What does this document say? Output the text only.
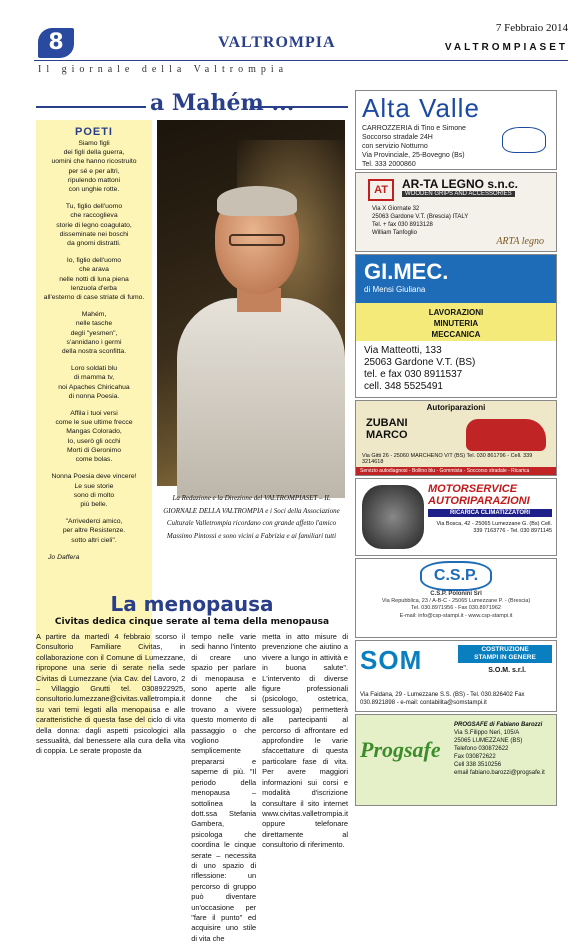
8	VALTROMPIA
7 Febbraio 2014
VALTROMPIASET
Il giornale della Valtrompia
a Mahém ...
POETI
Siamo figli
dei figli della guerra,
uomini che hanno ricostruito
per sé e per altri,
ripulendo mattoni
con unghie rotte.
Tu, figlio dell'uomo
che raccoglieva
storie di legno coagulato,
disseminate nei boschi
da gnomi distratti.
Io, figlio dell'uomo
che arava
nelle notti di luna piena
lenzuola d'erba
all'esterno di case striate di fumo.
Mahém,
nelle tasche
degli "yesmen",
s'annidano i germi
della nostra sconfitta.
Loro soldati blu
di mamma tv,
noi Apaches Chiricahua
di nonna Poesia.
Affila i tuoi versi
come le sue ultime frecce
Mangas Colorado,
Io, userò gli occhi
Morti di Geronimo
come bolas.
Nonna Poesia deve vincere!
Le sue storie
sono di molto
più belle.
"Arrivederci amico,
per altre Resistenze.
sotto altri cieli".
Jo Daffera
La Redazione e la Direzione del VALTROMPIASET – IL GIORNALE DELLA VALTROMPIA e i Soci della Associazione Culturale Valletrompia ricordano con grande affetto l'amico Massimo Pintossi e sono vicini a Fabrizia e ai familiari tutti
La menopausa
Civitas dedica cinque serate al tema della menopausa
A partire da martedì 4 febbraio scorso il Consultorio Familiare Civitas, in collaborazione con il Comune di Lumezzane, ripropone una serie di serate nella sede Civitas di Lumezzane (via Cav. del Lavoro, 2 – Villaggio Gnutti tel. 0308922925, consultorio.lumezzane@civitas.valletrompia.it su vari temi legati alla menopausa e alle caratteristiche di questa fase del ciclo di vita della donna: dagli aspetti psicologici alla sessualità, dal benessere alla cura della vita di coppia. Le serate proposte da
tempo nelle varie sedi hanno l'intento di creare uno spazio per parlare di menopausa e sono aperte alle donne che si trovano a vivere questo momento di passaggio o che vogliono semplicemente prepararsi e saperne di più. "Il periodo della menopausa – sottolinea la dott.ssa Stefania Gambera, psicologa che coordina le cinque serate – necessita di uno spazio di riflessione: un percorso di gruppo può diventare un'occasione per "fare il punto" ed acquisire uno stile di vita che
metta in atto misure di prevenzione che aiutino a vivere a lungo in attività e in buona salute". L'intervento di diverse figure professionali (psicologo, ostetrica, sessuologa) permetterà alle partecipanti al percorso di affrontare ed approfondire le varie sfaccettature di questa particolare fase di vita. Per avere maggiori informazioni sui corsi e modalità d'iscrizione consultare il sito internet www.civitas.valletrompia.it oppure telefonare direttamente al consultorio di riferimento.
Alta Valle
CARROZZERIA di Tino e Simone
Soccorso stradale 24H
con servizio Notturno
Via Provinciale, 25-Bovegno (Bs)
Tel. 333 2000860
AT	AR-TA LEGNO s.n.c.
WOODEN GRIPS AND ACCESSORIES
Via X Giornate 32
25063 Gardone V.T. (Brescia) ITALY
Tel. + fax 030 8913128
William Tanfoglio
ARTA legno
GI.MEC.
di Mensi Giuliana
LAVORAZIONI
MINUTERIA
MECCANICA
Via Matteotti, 133
25063 Gardone V.T. (BS)
tel. e fax 030 8911537
cell. 348 5525491
Autoriparazioni
ZUBANI
MARCO
Via Gitti 26 - 25060 MARCHENO V/T (BS) Tel. 030 861796 - Cell. 339 3214618
Servizio autodiagnosi - Bollino blu - Gommista - Soccorso stradale - Ricarica
MOTORSERVICE
AUTORIPARAZIONI
RICARICA CLIMATIZZATORI
Via Bosca, 42 - 25065 Lumezzane G. (Bs) Cell. 339 7163776 - Tel. 030 8971145
C.S.P.
C.S.P. Polonini Srl
Via Repubblica, 23 / A-B-C - 25065 Lumezzane P. - (Brescia)
Tel. 030.8971956 - Fax 030.8971962
E-mail: info@csp-stampi.it - www.csp-stampi.it
SOM	COSTRUZIONE
STAMPI IN GENERE
S.O.M. s.r.l.
Via Faidana, 29 - Lumezzane S.S. (BS) - Tel. 030.826402 Fax 030.8921898 - e-mail: contabilita@somstampi.it
Progsafe
PROGSAFE di Fabiano Barozzi
Via S.Filippo Neri, 105/A
25065 LUMEZZANE (BS)
Telefono 030872622
Fax 030872622
Cell 338 3510256
email fabiano.barozzi@progsafe.it
